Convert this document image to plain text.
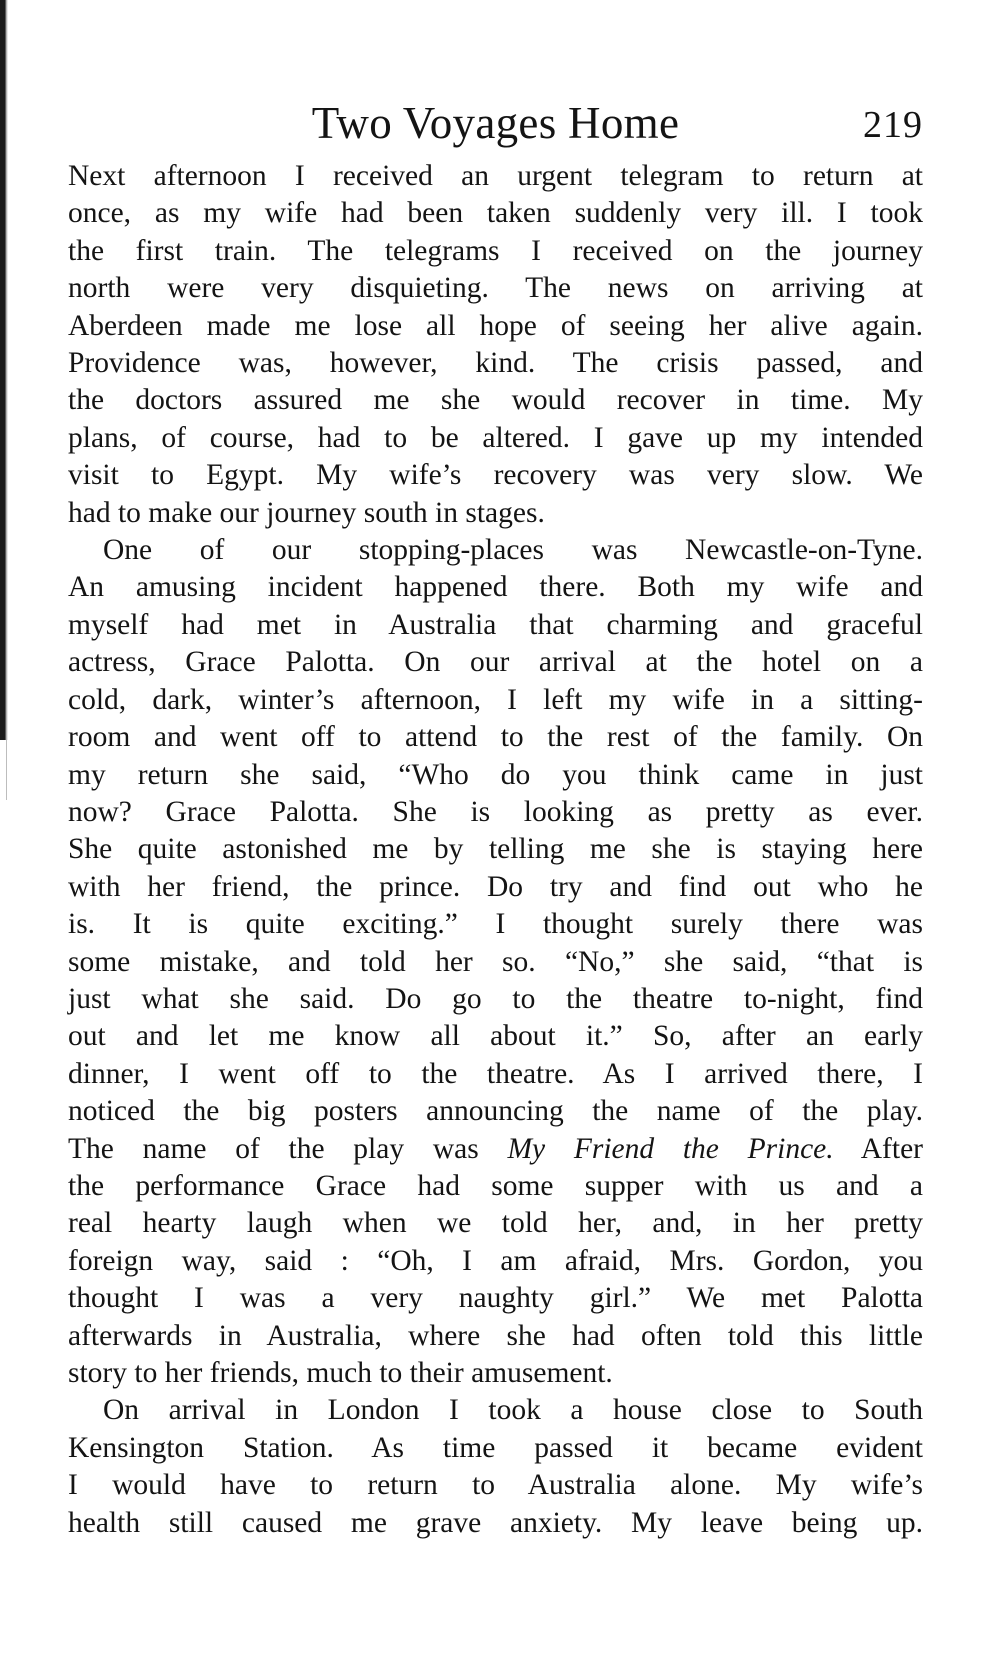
Two Voyages Home	219

Next afternoon I received an urgent telegram to return at

once, as my wife had been taken suddenly very ill. I took

the first train. The telegrams I received on the journey

north were very disquieting. The news on arriving at

Aberdeen made me lose all hope of seeing her alive again.

Providence was, however, kind. The crisis passed, and

the doctors assured me she would recover in time. My

plans, of course, had to be altered. I gave up my intended

visit to Egypt. My wife’s recovery was very slow. We

had to make our journey south in stages.

One of our stopping-places was Newcastle-on-Tyne.

An amusing incident happened there. Both my wife and

myself had met in Australia that charming and graceful

actress, Grace Palotta. On our arrival at the hotel on a

cold, dark, winter’s afternoon, I left my wife in a sitting-

room and went off to attend to the rest of the family. On

my return she said, “Who do you think came in just

now? Grace Palotta. She is looking as pretty as ever.

She quite astonished me by telling me she is staying here

with her friend, the prince. Do try and find out who he

is. It is quite exciting.” I thought surely there was

some mistake, and told her so. “No,” she said, “that is

just what she said. Do go to the theatre to-night, find

out and let me know all about it.” So, after an early

dinner, I went off to the theatre. As I arrived there, I

noticed the big posters announcing the name of the play.

The name of the play was My Friend the Prince. After

the performance Grace had some supper with us and a

real hearty laugh when we told her, and, in her pretty

foreign way, said : “Oh, I am afraid, Mrs. Gordon, you

thought I was a very naughty girl.” We met Palotta

afterwards in Australia, where she had often told this little

story to her friends, much to their amusement.

On arrival in London I took a house close to South

Kensington Station. As time passed it became evident

I would have to return to Australia alone. My wife’s

health still caused me grave anxiety. My leave being up.
